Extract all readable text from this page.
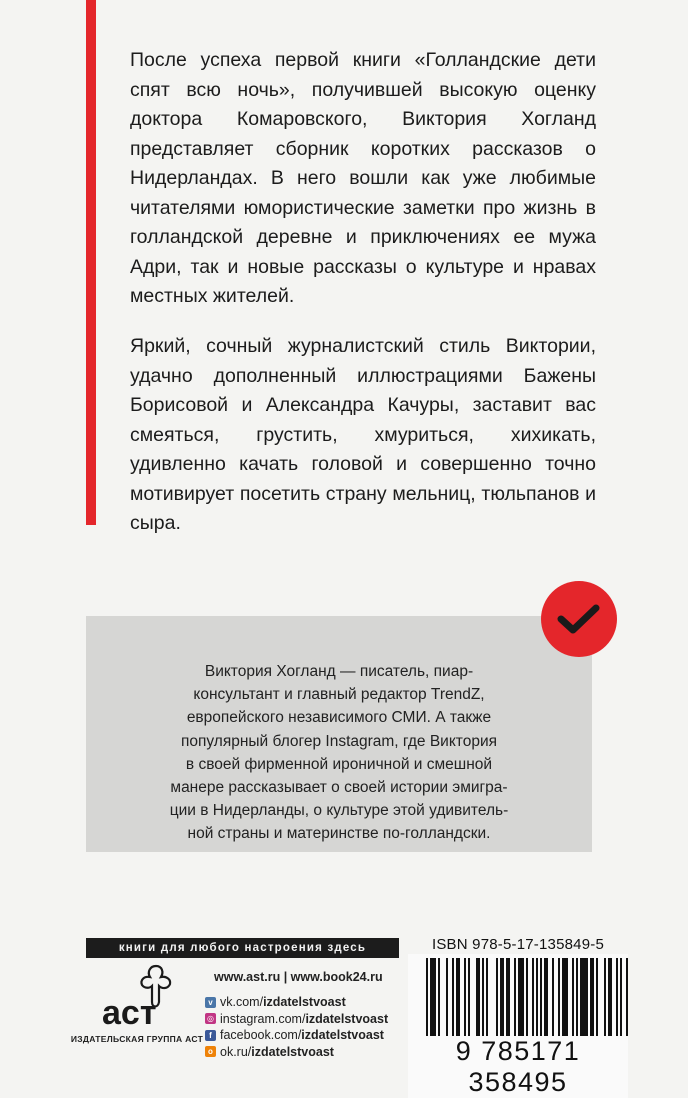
После успеха первой книги «Голландские дети спят всю ночь», получившей высокую оценку доктора Комаровского, Виктория Хогланд представляет сборник коротких рассказов о Нидерландах. В него вошли как уже любимые читателями юмористические заметки про жизнь в голландской деревне и приключениях ее мужа Адри, так и новые рассказы о культуре и нравах местных жителей.

Яркий, сочный журналистский стиль Виктории, удачно дополненный иллюстрациями Бажены Борисовой и Александра Качуры, заставит вас смеяться, грустить, хмуриться, хихикать, удивленно качать головой и совершенно точно мотивирует посетить страну мельниц, тюльпанов и сыра.

Виктория Хогланд — писатель, пиар-
консультант и главный редактор TrendZ,
европейского независимого СМИ. А также
популярный блогер Instagram, где Виктория
в своей фирменной ироничной и смешной
манере рассказывает о своей истории эмигра-
ции в Нидерланды, о культуре этой удивитель-
ной страны и материнстве по-голландски.

книги для любого настроения здесь
аст
ИЗДАТЕЛЬСКАЯ ГРУППА АСТ
www.ast.ru | www.book24.ru
v vk.com/ izdatelstvoast
◎ instagram.com/ izdatelstvoast
f facebook.com/ izdatelstvoast
о ok.ru/ izdatelstvoast
ISBN 978-5-17-135849-5
9 785171 358495
